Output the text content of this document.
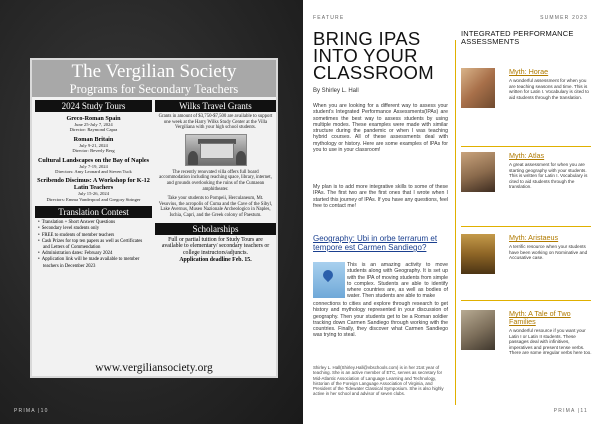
The Vergilian Society
Programs for Secondary Teachers
2024 Study Tours
Greco-Roman Spain
June 25-July 7, 2024
Director: Raymond Capra
Roman Britain
July 9-21, 2024
Director: Beverly Berg
Cultural Landscapes on the Bay of Naples
July 7-19, 2024
Directors: Amy Leonard and Steven Tuck
Scribendo Discimus: A Workshop for K-12 Latin Teachers
July 15-26, 2024
Directors: Emma Vanderpool and Gregory Stringer
Translation Contest
• Translation + Short Answer Questions
• Secondary level students only
• FREE to students of member teachers
• Cash Prizes for top ten papers as well as Certificates and Letters of Commendation
• Administration dates: February 2024
• Application link will be made available to member teachers in December 2023
Wilks Travel Grants
Grants in amount of $3,750-$7,500 are available to support one week at the Harry Wilks Study Center at the Villa Vergiliana with your high school students.
The recently renovated villa offers full board accommodation including reaching space, library, internet, and grounds overlooking the ruins of the Cumaean amphitheater.
Take your students to Pompeii, Herculaneum, Mt. Vesuvius, the acropolis of Cuma and the Cave of the Sibyl, Lake Avernus, Museo Nazionale Archeologico in Naples, Ischia, Capri, and the Greek colony of Paestum.
Scholarships
Full or partial tuition for Study Tours are available to elementary/ secondary teachers or college instructors/adjuncts.
Application deadline Feb. 15.
www.vergiliansociety.org
PRIMA |10
FEATURE	SUMMER 2023
BRING IPAS INTO YOUR CLASSROOM
By Shirley L. Hall
When you are looking for a different way to assess your student’s Integrated Performance Assessments(IPAs) are sometimes the best way to assess students by using multiple modes. These examples were made with similar structure during the pandemic or when I was teaching hybrid courses. All of these assessments deal with mythology or history. Here are some examples of IPAs for you to use in your classroom!
My plan is to add more integrative skills to some of these IPAs. The first two are the first ones that I wrote when I started this journey of IPAs. If you have any questions, feel free to contact me!
Geography: Ubi in orbe terrarum et tempore est Carmen Sandiego?
This is an amazing activity to move students along with Geography. It is set up with the IPA of moving students from simple to complex. Students are able to identify where countries are, as well as bodies of water. Then students are able to make
connections to cities and explore through research to get history and mythology represented in your discussion of geography. Then your students get to be a Roman soldier tracking down Carmen Sandiego through working with the countries. Finally, they discover what Carmen Sandiego was trying to steal.
Shirley L. Hall(Shirley.Hall@vbschools.com) is in her 21st year of teaching. She is an active member of ETC, serves as secretary for Mid-Atlantic Association of Language Learning and Technology, historian of the Foreign Language Association of Virginia, and President of the Tidewater Classical Symposium. She is also highly active in her school and advisor of seven clubs.
INTEGRATED PERFORMANCE ASSESSMENTS
Myth: Horae
A wonderful assessment for when you are teaching seasons and time. This is written for Latin I. Vocabulary is cited to aid students through the translation.
Myth: Atlas
A great assessment for when you are starting geography with your students. This is written for Latin I. Vocabulary is cited to aid students through the translation.
Myth: Aristaeus
A terrific resource when your students have been working on Nominative and Accusative case.
Myth: A Tale of Two Families
A wonderful resource if you want your Latin I or Latin II students. These passages deal with infinitives, imperatives and present tense verbs. There are some irregular verbs here too.
PRIMA |11
